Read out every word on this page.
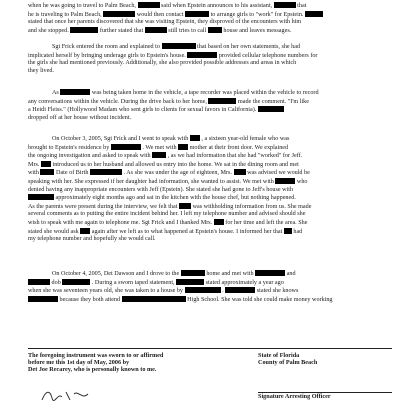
when he was going to travel to Palm Beach,	said when Epstein announces to his assistant,	that
he is traveling to Palm Beach,	would then contact	to arrange girls to "work" for Epstein.
stated that once her parents discovered that she was visiting Epstein, they disproved of the encounters with him
and she stopped.	further stated that	still tries to call	house and leaves messages.

Sgt Frick entered the room and explained to	that based on her own statements, she had
implicated herself by bringing underage girls to Epstein's house.	provided cellular telephone numbers for
the girls she had mentioned previously. Additionally, she also provided possible addresses and areas in which
they lived.

As	was being taken home in the vehicle, a tape recorder was placed within the vehicle to record
any conversations within the vehicle. During the drive back to her home,	made the comment. "I'm like
a Heidi Fleiss." (Hollywood Madam who sent girls to clients for sexual favors in California).
dropped off at her house without incident.

On October 3, 2005, Sgt Frick and I went to speak with , a sixteen year-old female who was
brought to Epstein's residence by	. We met with mother at their front door. We explained
the ongoing investigation and asked to speak with	, as we had information that she had "worked" for Jeff.
Mrs. introduced us to her husband and allowed us entry into the home. We sat in the dining room and met
with	Date of Birth	. As she was under the age of eighteen, Mrs. was advised we would be
speaking with her. She expressed if her daughter had information, she wanted to assist. We met with	who
denied having any inappropriate encounters with Jeff (Epstein). She stated she had gone to Jeff's house with
approximately eight months ago and sat in the kitchen with the house chef, but nothing happened.
As the parents were present during the interview, we felt that was withholding information from us. She made
several comments as to putting the entire incident behind her. I left my telephone number and advised should she
wish to speak with me again to telephone me. Sgt Frick and I thanked Mrs. for her time and left the area. She
stated she would ask again after we left as to what happened at Epstein's house. I informed her that had
my telephone number and hopefully she would call.

On October 4, 2005, Det Dawson and I drove to the	home and met with	and
dob	. During a sworn taped statement,	stated approximately a year ago
when she was seventeen years old, she was taken to a house by	.	stated she knows
because they both attend	High School. She was told she could make money working

The foregoing instrument was sworn to or affirmed
before me this 1st day of May, 2006 by
Det Joe Recarey, who is personally known to me.
State of Florida
County of Palm Beach
Signature Arresting Officer
